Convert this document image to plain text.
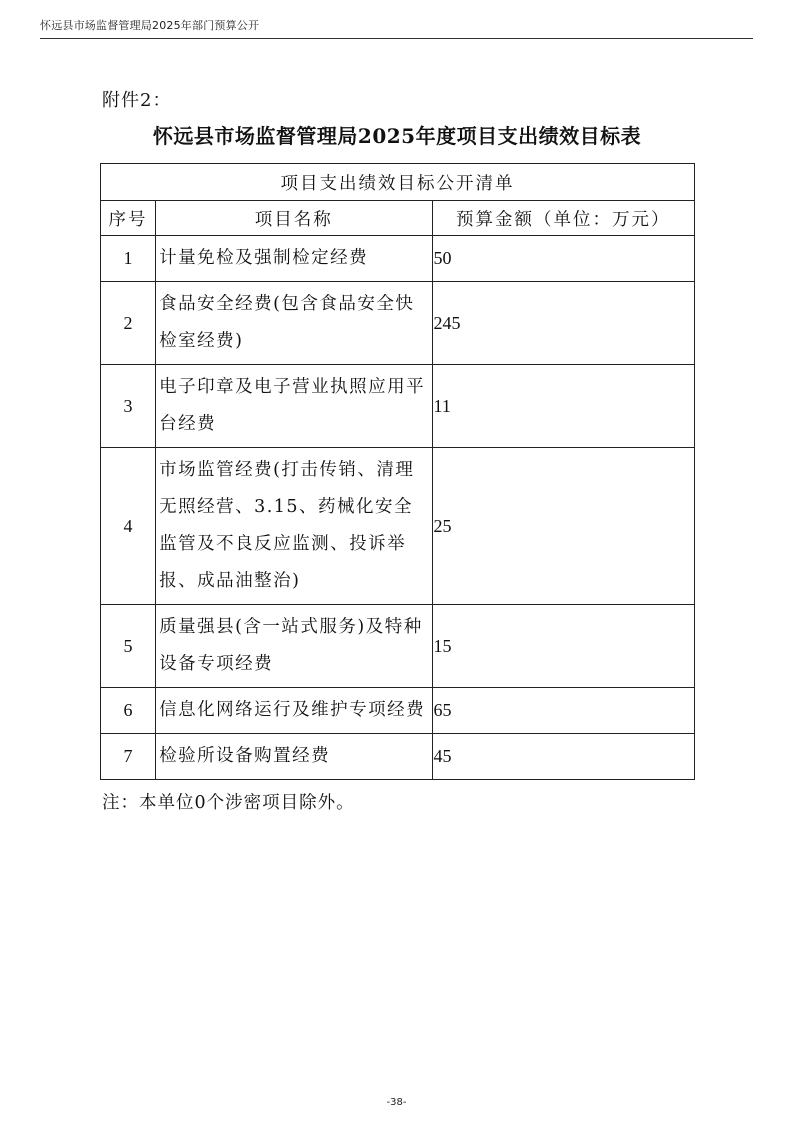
怀远县市场监督管理局2025年部门预算公开
附件2：
怀远县市场监督管理局2025年度项目支出绩效目标表
项目支出绩效目标公开清单		
序号	项目名称	预算金额（单位：万元）
1	计量免检及强制检定经费	50
2	食品安全经费(包含食品安全快检室经费)	245
3	电子印章及电子营业执照应用平台经费	11
4	市场监管经费(打击传销、清理无照经营、3.15、药械化安全监管及不良反应监测、投诉举报、成品油整治)	25
5	质量强县(含一站式服务)及特种设备专项经费	15
6	信息化网络运行及维护专项经费	65
7	检验所设备购置经费	45
注：本单位0个涉密项目除外。
-38-
